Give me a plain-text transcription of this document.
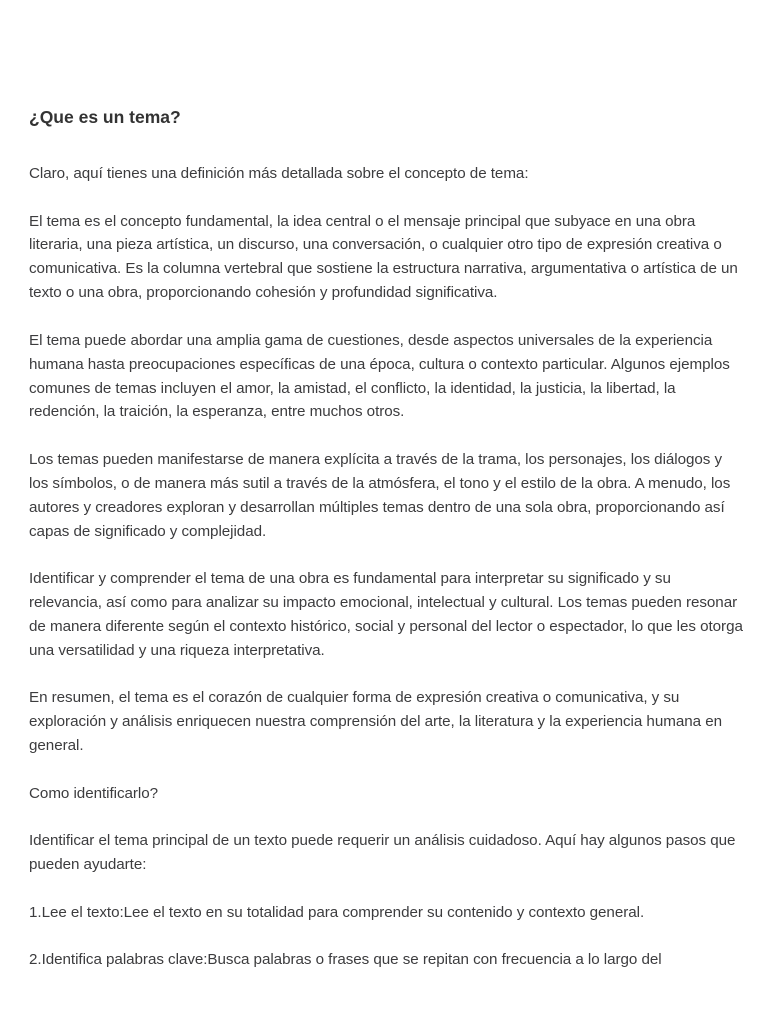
¿Que es un tema?

Claro, aquí tienes una definición más detallada sobre el concepto de tema:

El tema es el concepto fundamental, la idea central o el mensaje principal que subyace en una obra literaria, una pieza artística, un discurso, una conversación, o cualquier otro tipo de expresión creativa o comunicativa. Es la columna vertebral que sostiene la estructura narrativa, argumentativa o artística de un texto o una obra, proporcionando cohesión y profundidad significativa.

El tema puede abordar una amplia gama de cuestiones, desde aspectos universales de la experiencia humana hasta preocupaciones específicas de una época, cultura o contexto particular. Algunos ejemplos comunes de temas incluyen el amor, la amistad, el conflicto, la identidad, la justicia, la libertad, la redención, la traición, la esperanza, entre muchos otros.

Los temas pueden manifestarse de manera explícita a través de la trama, los personajes, los diálogos y los símbolos, o de manera más sutil a través de la atmósfera, el tono y el estilo de la obra. A menudo, los autores y creadores exploran y desarrollan múltiples temas dentro de una sola obra, proporcionando así capas de significado y complejidad.

Identificar y comprender el tema de una obra es fundamental para interpretar su significado y su relevancia, así como para analizar su impacto emocional, intelectual y cultural. Los temas pueden resonar de manera diferente según el contexto histórico, social y personal del lector o espectador, lo que les otorga una versatilidad y una riqueza interpretativa.

En resumen, el tema es el corazón de cualquier forma de expresión creativa o comunicativa, y su exploración y análisis enriquecen nuestra comprensión del arte, la literatura y la experiencia humana en general.

Como identificarlo?

Identificar el tema principal de un texto puede requerir un análisis cuidadoso. Aquí hay algunos pasos que pueden ayudarte:

1.Lee el texto:Lee el texto en su totalidad para comprender su contenido y contexto general.

2.Identifica palabras clave:Busca palabras o frases que se repitan con frecuencia a lo largo del
